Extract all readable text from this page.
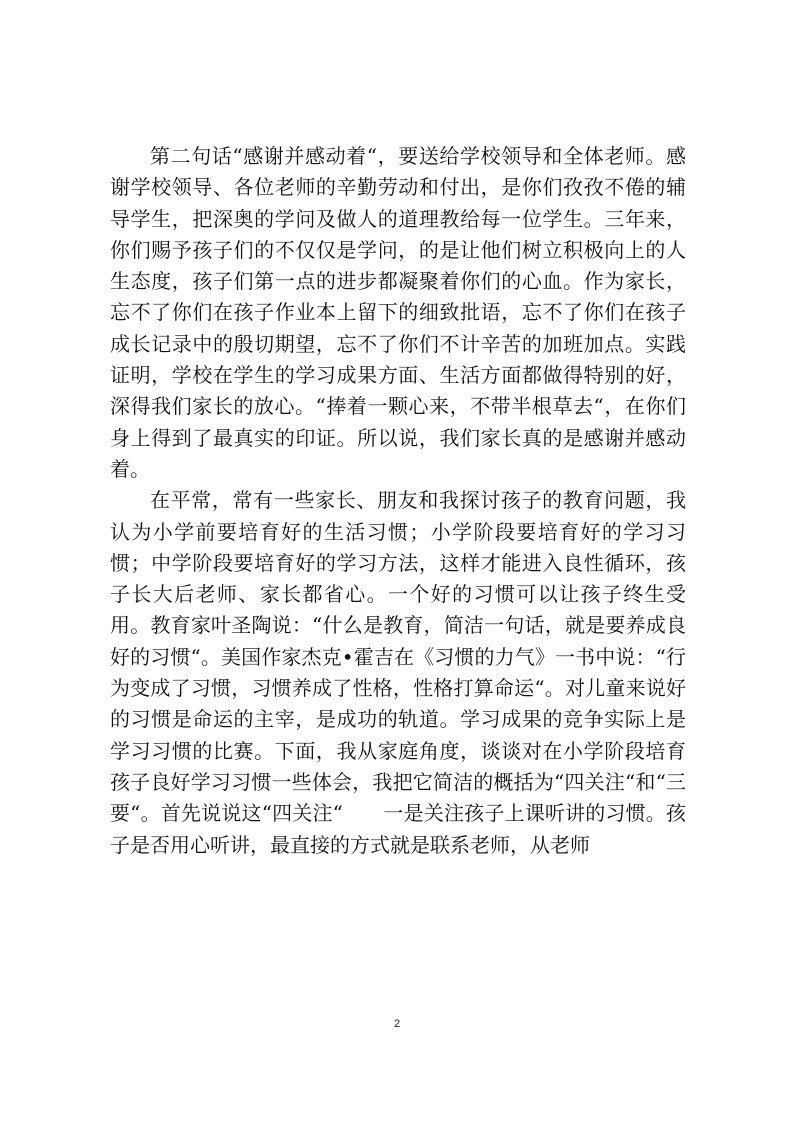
第二句话“感谢并感动着“，要送给学校领导和全体老师。感谢学校领导、各位老师的辛勤劳动和付出，是你们孜孜不倦的辅导学生，把深奥的学问及做人的道理教给每一位学生。三年来，你们赐予孩子们的不仅仅是学问，的是让他们树立积极向上的人生态度，孩子们第一点的进步都凝聚着你们的心血。作为家长，忘不了你们在孩子作业本上留下的细致批语，忘不了你们在孩子成长记录中的殷切期望，忘不了你们不计辛苦的加班加点。实践证明，学校在学生的学习成果方面、生活方面都做得特别的好，深得我们家长的放心。“捧着一颗心来，不带半根草去“，在你们身上得到了最真实的印证。所以说，我们家长真的是感谢并感动着。

在平常，常有一些家长、朋友和我探讨孩子的教育问题，我认为小学前要培育好的生活习惯；小学阶段要培育好的学习习惯；中学阶段要培育好的学习方法，这样才能进入良性循环，孩子长大后老师、家长都省心。一个好的习惯可以让孩子终生受用。教育家叶圣陶说：“什么是教育，简洁一句话，就是要养成良好的习惯“。美国作家杰克•霍吉在《习惯的力气》一书中说：“行为变成了习惯，习惯养成了性格，性格打算命运“。对儿童来说好的习惯是命运的主宰，是成功的轨道。学习成果的竞争实际上是学习习惯的比赛。下面，我从家庭角度，谈谈对在小学阶段培育孩子良好学习习惯一些体会，我把它简洁的概括为“四关注“和“三要“。首先说说这“四关注“　　一是关注孩子上课听讲的习惯。孩子是否用心听讲，最直接的方式就是联系老师，从老师

2
